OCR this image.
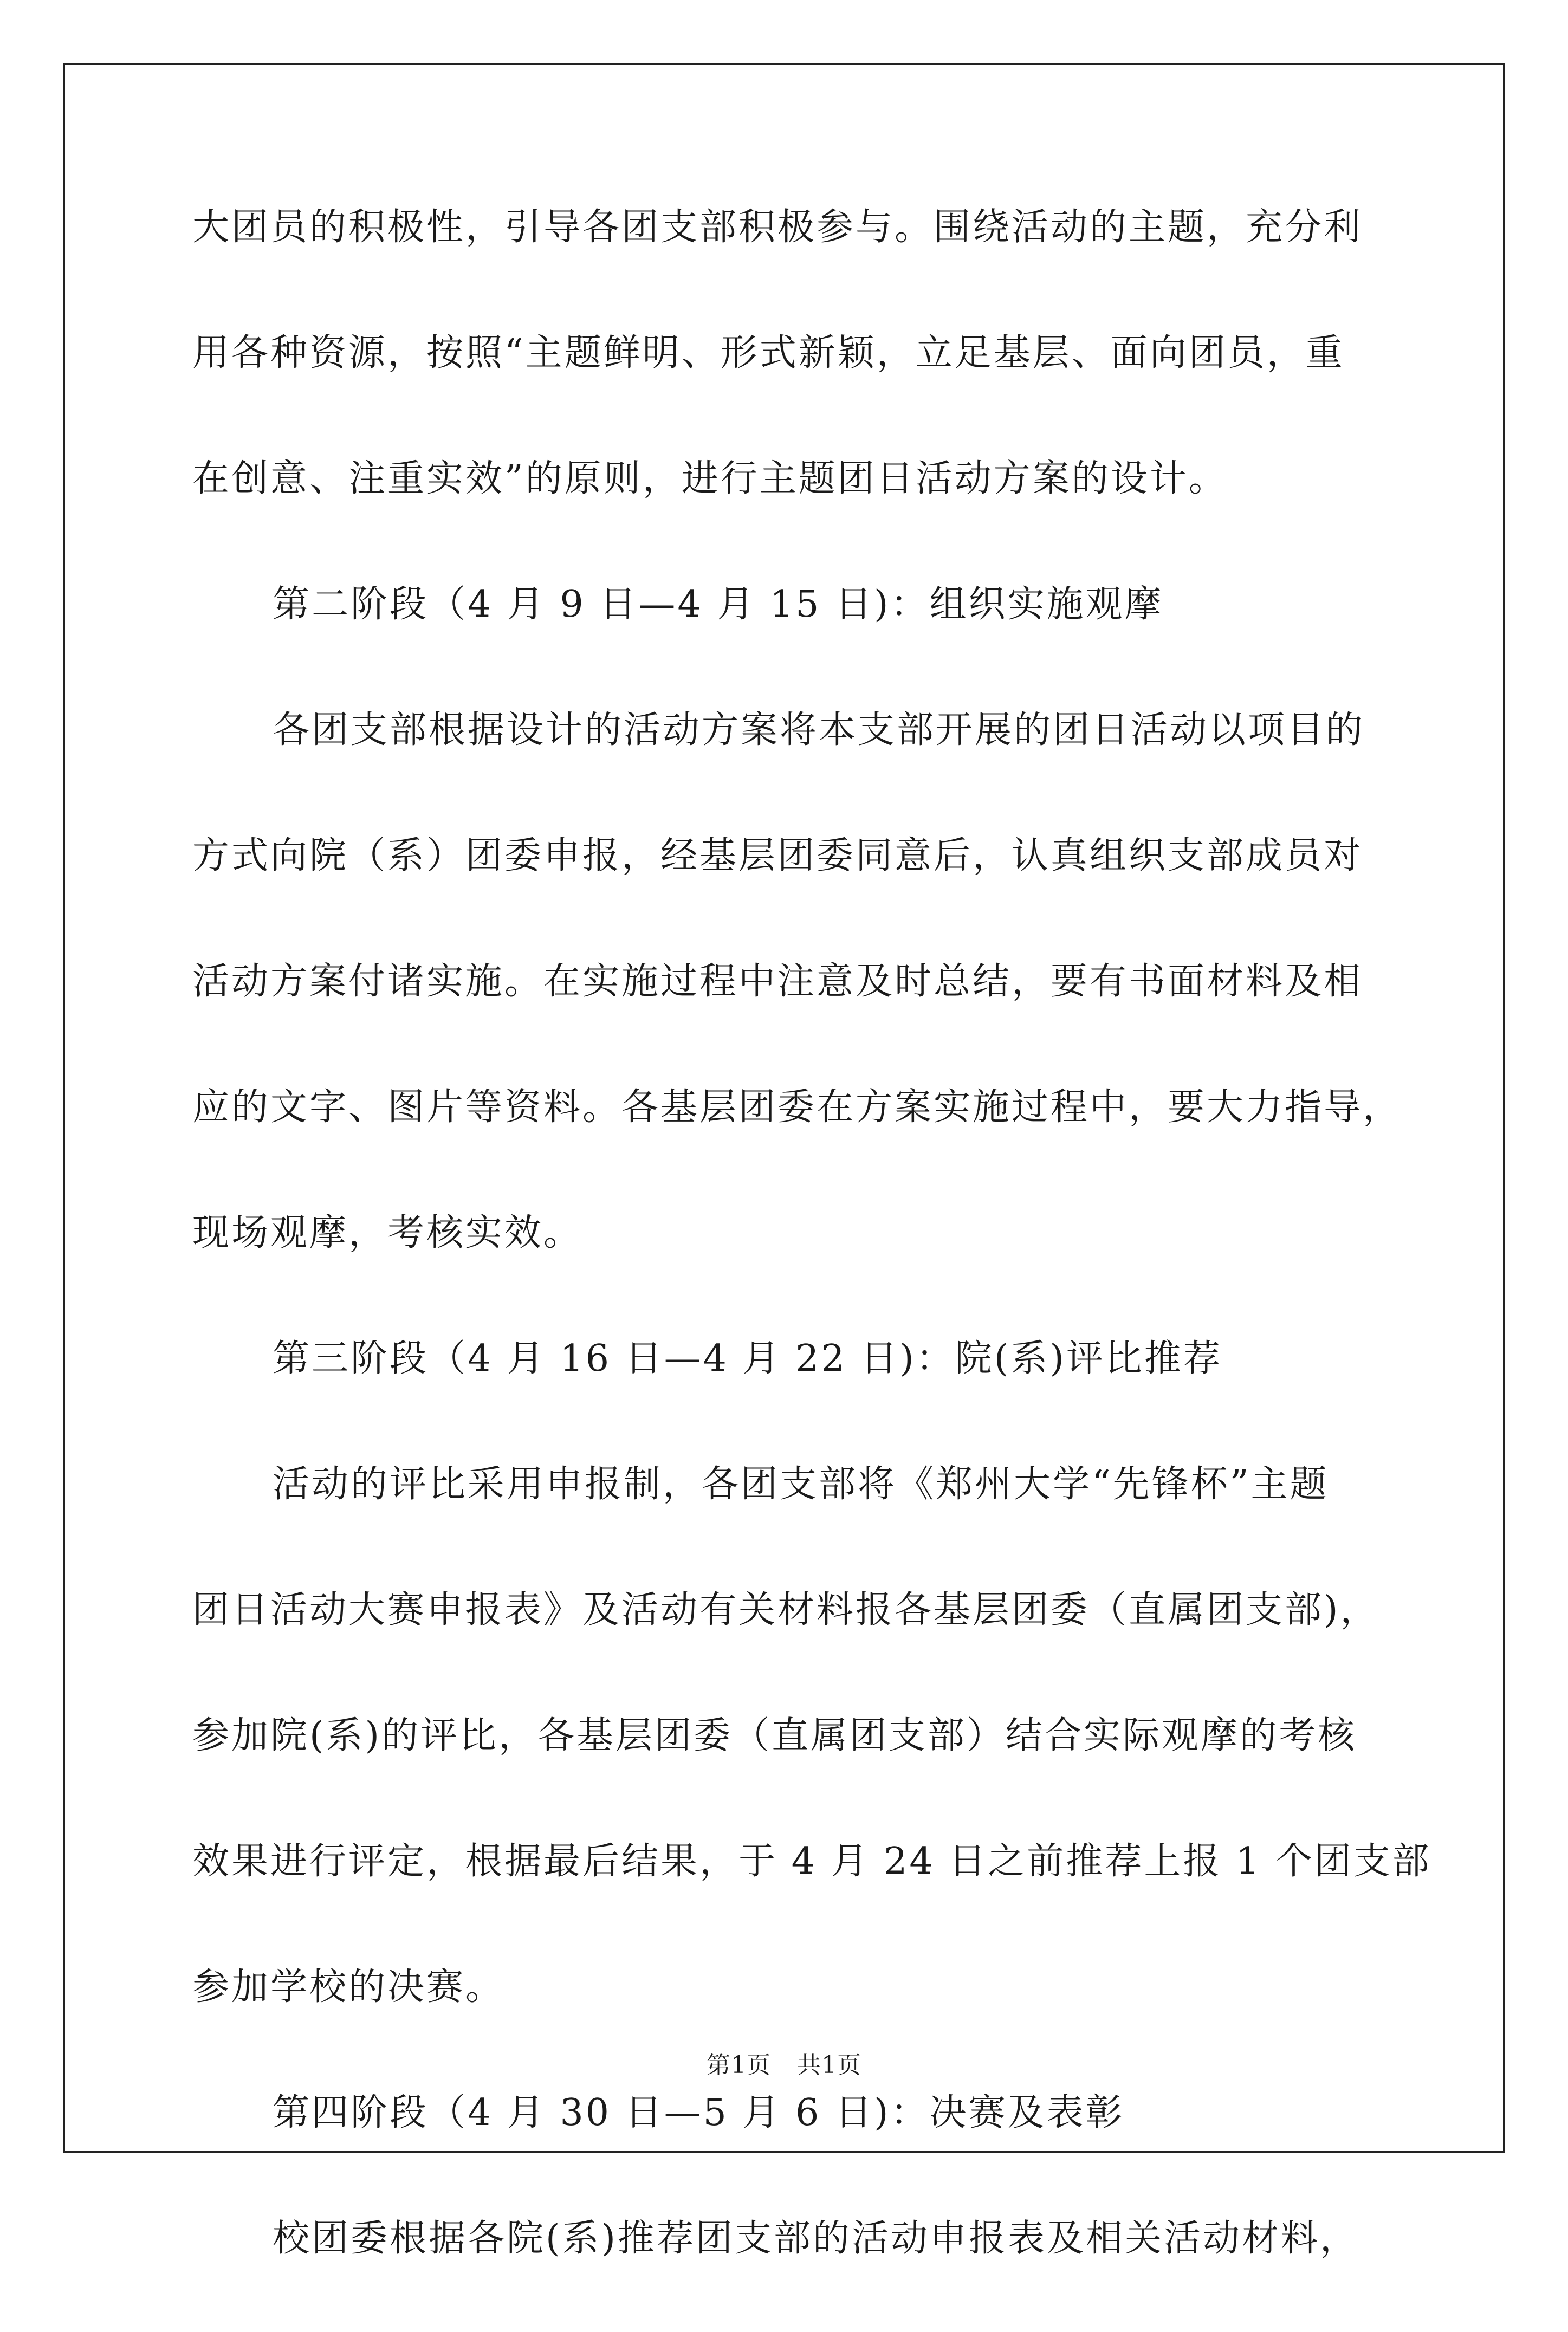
大团员的积极性，引导各团支部积极参与。围绕活动的主题，充分利
用各种资源，按照“主题鲜明、形式新颖，立足基层、面向团员，重
在创意、注重实效”的原则，进行主题团日活动方案的设计。
第二阶段（4 月 9 日—4 月 15 日)：组织实施观摩
各团支部根据设计的活动方案将本支部开展的团日活动以项目的
方式向院（系）团委申报，经基层团委同意后，认真组织支部成员对
活动方案付诸实施。在实施过程中注意及时总结，要有书面材料及相
应的文字、图片等资料。各基层团委在方案实施过程中，要大力指导，
现场观摩，考核实效。
第三阶段（4 月 16 日—4 月 22 日)：院(系)评比推荐
活动的评比采用申报制，各团支部将《郑州大学“先锋杯”主题
团日活动大赛申报表》及活动有关材料报各基层团委（直属团支部)，
参加院(系)的评比，各基层团委（直属团支部）结合实际观摩的考核
效果进行评定，根据最后结果，于 4 月 24 日之前推荐上报 1 个团支部
参加学校的决赛。
第四阶段（4 月 30 日—5 月 6 日)：决赛及表彰
校团委根据各院(系)推荐团支部的活动申报表及相关活动材料，
第1页 共1页
